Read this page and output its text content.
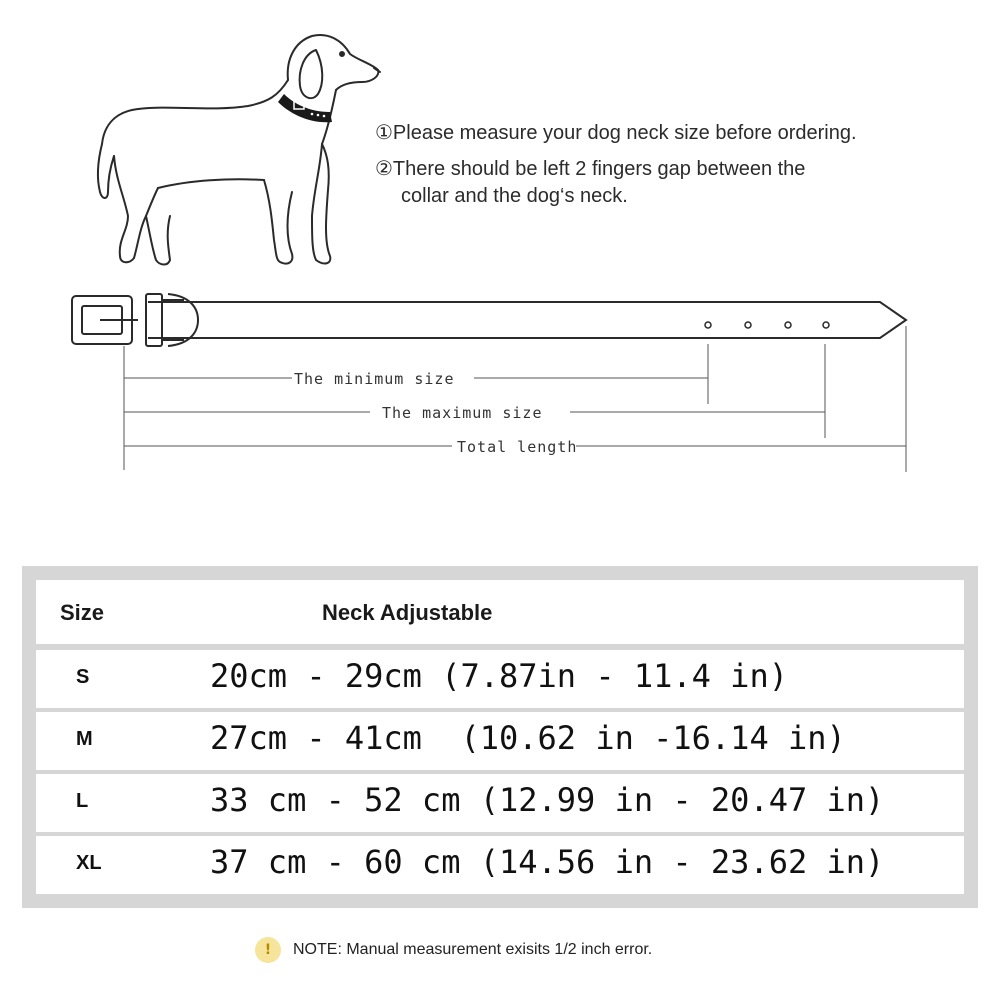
①Please measure your dog neck size before ordering.
②There should be left 2 fingers gap between the
collar and the dog‘s neck.
The minimum size
The maximum size
Total length
Size	Neck Adjustable
S	20cm - 29cm (7.87in - 11.4 in)
M	27cm - 41cm  (10.62 in -16.14 in)
L	33 cm - 52 cm (12.99 in - 20.47 in)
XL	37 cm - 60 cm (14.56 in - 23.62 in)
!	NOTE: Manual measurement exisits 1/2 inch error.
